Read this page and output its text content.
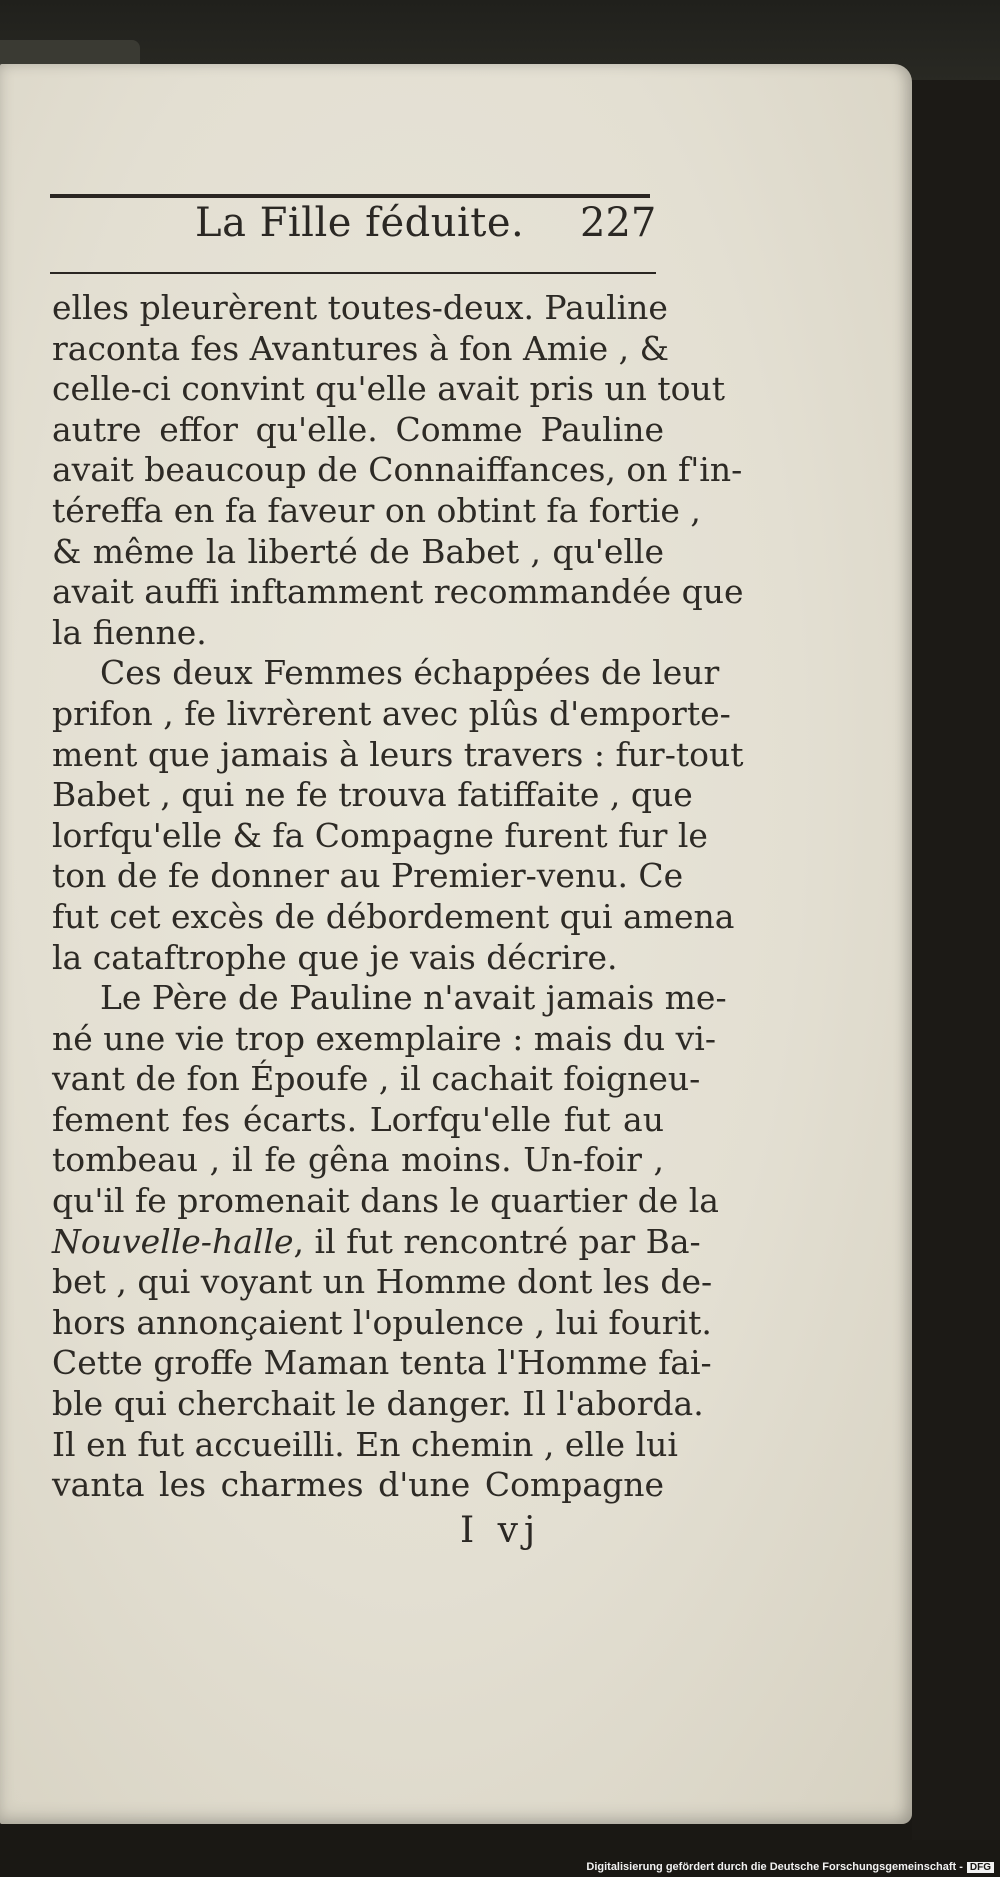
La Fille féduite. 227
elles pleurèrent toutes-deux. Pauline
raconta fes Avantures à fon Amie , &
celle-ci convint qu'elle avait pris un tout
autre effor qu'elle. Comme Pauline
avait beaucoup de Connaiffances, on f'in-
téreffa en fa faveur on obtint fa fortie ,
& même la liberté de Babet , qu'elle
avait auffi inftamment recommandée que
la fienne.
Ces deux Femmes échappées de leur
prifon , fe livrèrent avec plûs d'emporte-
ment que jamais à leurs travers : fur-tout
Babet , qui ne fe trouva fatiffaite , que
lorfqu'elle & fa Compagne furent fur le
ton de fe donner au Premier-venu. Ce
fut cet excès de débordement qui amena
la cataftrophe que je vais décrire.
Le Père de Pauline n'avait jamais me-
né une vie trop exemplaire : mais du vi-
vant de fon Époufe , il cachait foigneu-
fement fes écarts. Lorfqu'elle fut au
tombeau , il fe gêna moins. Un-foir ,
qu'il fe promenait dans le quartier de la
Nouvelle-halle, il fut rencontré par Ba-
bet , qui voyant un Homme dont les de-
hors annonçaient l'opulence , lui fourit.
Cette groffe Maman tenta l'Homme fai-
ble qui cherchait le danger. Il l'aborda.
Il en fut accueilli. En chemin , elle lui
vanta les charmes d'une Compagne
I vj
Digitalisierung gefördert durch die Deutsche Forschungsgemeinschaft - DFG
